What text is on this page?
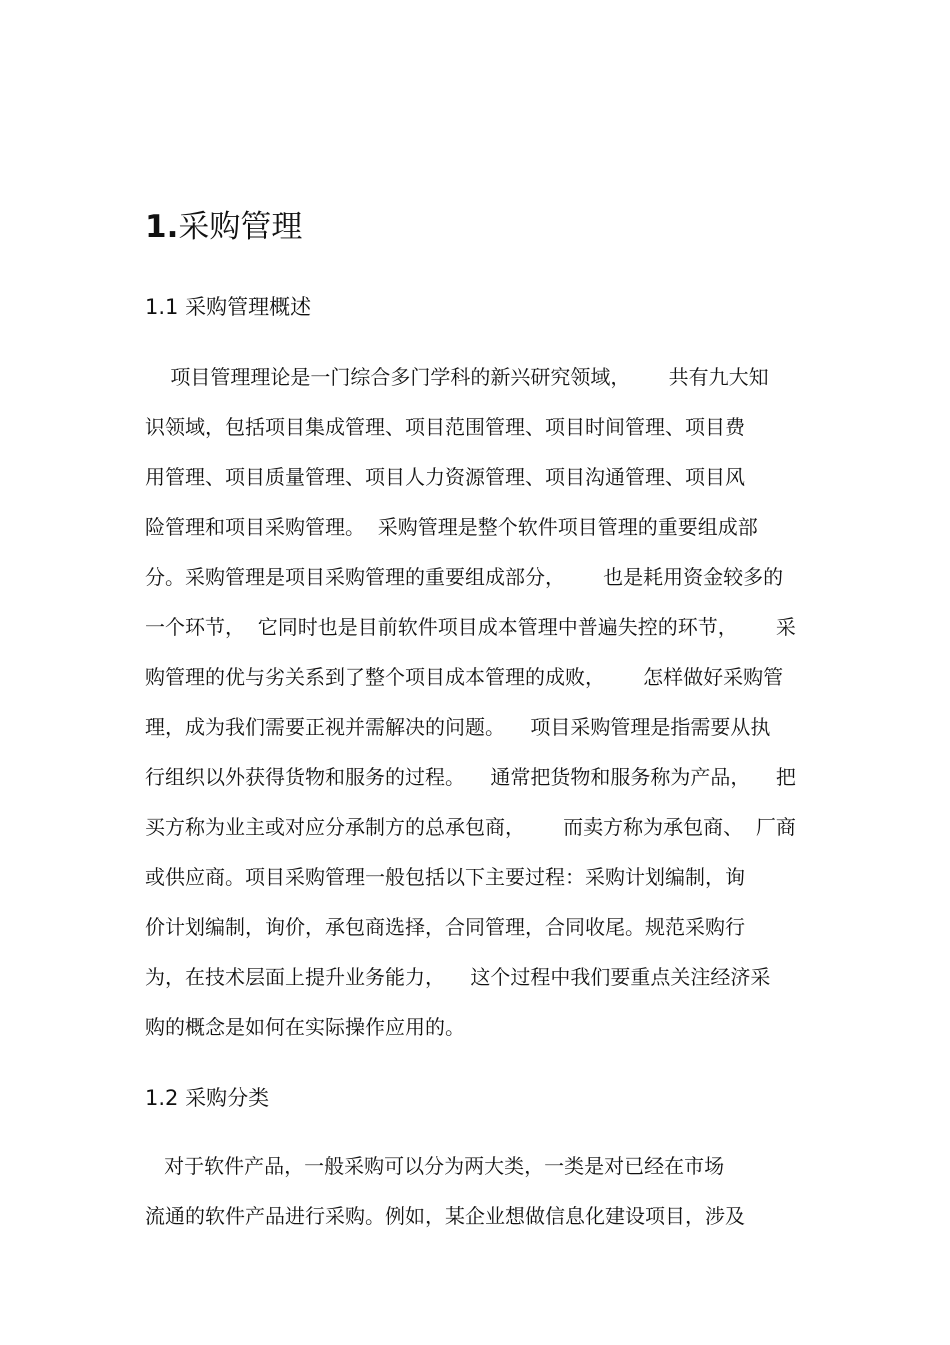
1.采购管理
1.1 采购管理概述
项目管理理论是一门综合多门学科的新兴研究领域，      共有九大知
识领域，包括项目集成管理、项目范围管理、项目时间管理、项目费
用管理、项目质量管理、项目人力资源管理、项目沟通管理、项目风
险管理和项目采购管理。  采购管理是整个软件项目管理的重要组成部
分。采购管理是项目采购管理的重要组成部分，      也是耗用资金较多的
一个环节，  它同时也是目前软件项目成本管理中普遍失控的环节，      采
购管理的优与劣关系到了整个项目成本管理的成败，      怎样做好采购管
理，成为我们需要正视并需解决的问题。    项目采购管理是指需要从执
行组织以外获得货物和服务的过程。    通常把货物和服务称为产品，    把
买方称为业主或对应分承制方的总承包商，      而卖方称为承包商、  厂商
或供应商。项目采购管理一般包括以下主要过程：采购计划编制，询
价计划编制，询价，承包商选择，合同管理，合同收尾。规范采购行
为，在技术层面上提升业务能力，    这个过程中我们要重点关注经济采
购的概念是如何在实际操作应用的。
1.2 采购分类
对于软件产品，一般采购可以分为两大类，一类是对已经在市场
流通的软件产品进行采购。例如，某企业想做信息化建设项目，涉及
